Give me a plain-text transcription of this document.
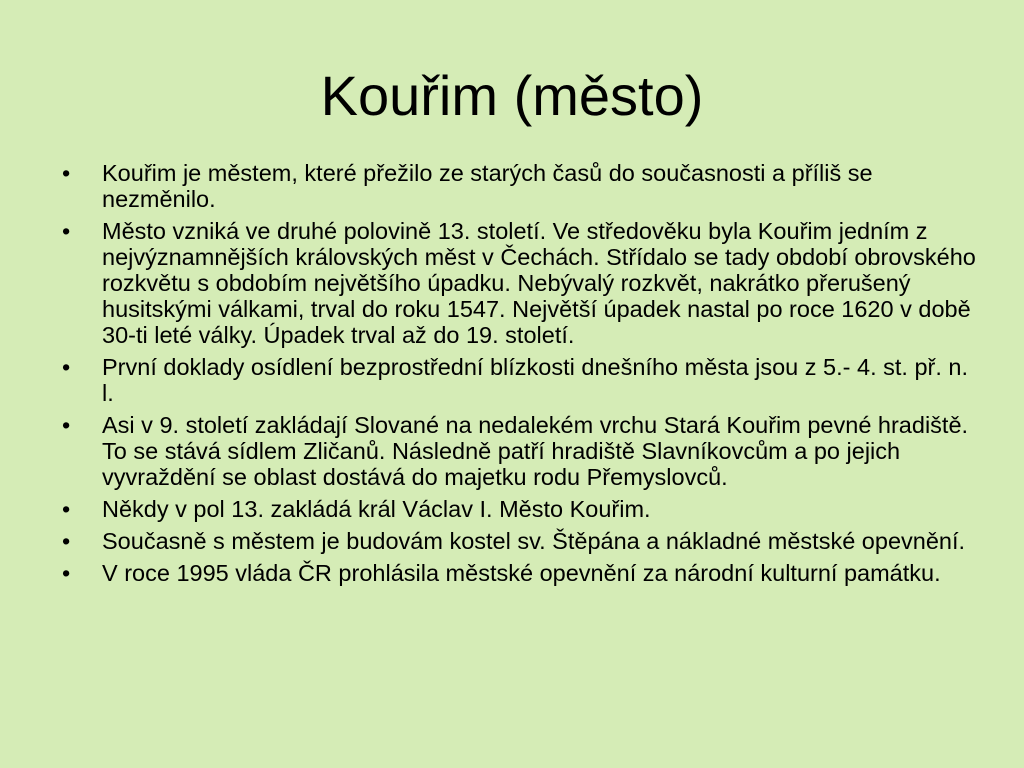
Kouřim (město)
•	Kouřim je městem, které přežilo ze starých časů do současnosti a příliš se nezměnilo.
•	Město vzniká ve druhé polovině 13. století. Ve středověku byla Kouřim jedním z nejvýznamnějších královských měst v Čechách. Střídalo se tady období obrovského rozkvětu s obdobím největšího úpadku. Nebývalý rozkvět, nakrátko přerušený husitskými válkami, trval do roku 1547. Největší úpadek nastal po roce 1620 v době 30-ti leté války. Úpadek trval až do 19. století.
•	První doklady osídlení bezprostřední blízkosti dnešního města jsou z 5.- 4. st. př. n. l.
•	Asi v 9. století zakládají Slované na nedalekém vrchu Stará Kouřim pevné hradiště. To se stává sídlem Zličanů. Následně patří hradiště Slavníkovcům a po jejich vyvraždění se oblast dostává do majetku rodu Přemyslovců.
•	Někdy v pol 13. zakládá král Václav I. Město Kouřim.
•	Současně s městem je budovám kostel sv. Štěpána a nákladné městské opevnění.
•	V roce 1995 vláda ČR prohlásila městské opevnění za národní kulturní památku.
